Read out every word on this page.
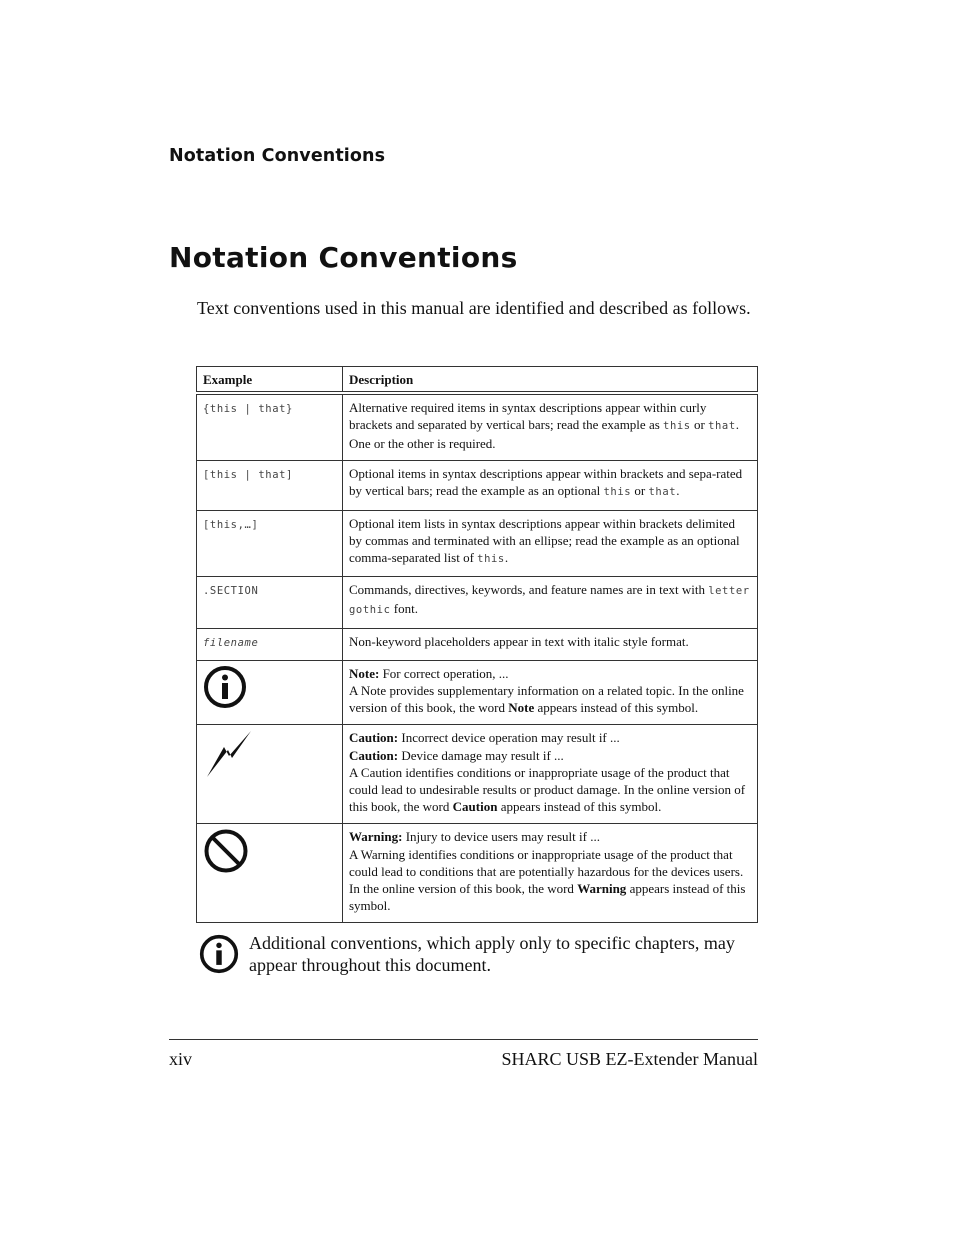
Notation Conventions
Notation Conventions

Text conventions used in this manual are identified and described as follows.

Example	Description
{this | that}	Alternative required items in syntax descriptions appear within curly brackets and separated by vertical bars; read the example as this or that. One or the other is required.
[this | that]	Optional items in syntax descriptions appear within brackets and sepa-rated by vertical bars; read the example as an optional this or that.
[this,…]	Optional item lists in syntax descriptions appear within brackets delimited by commas and terminated with an ellipse; read the example as an optional comma-separated list of this.
.SECTION	Commands, directives, keywords, and feature names are in text with letter gothic font.
filename	Non-keyword placeholders appear in text with italic style format.
	Note: For correct operation, ...
A Note provides supplementary information on a related topic. In the online version of this book, the word Note appears instead of this symbol.
	Caution: Incorrect device operation may result if ...
Caution: Device damage may result if ...
A Caution identifies conditions or inappropriate usage of the product that could lead to undesirable results or product damage. In the online version of this book, the word Caution appears instead of this symbol.
	Warning: Injury to device users may result if ...
A Warning identifies conditions or inappropriate usage of the product that could lead to conditions that are potentially hazardous for the devices users. In the online version of this book, the word Warning appears instead of this symbol.

Additional conventions, which apply only to specific chapters, may appear throughout this document.

xiv	SHARC USB EZ-Extender Manual
